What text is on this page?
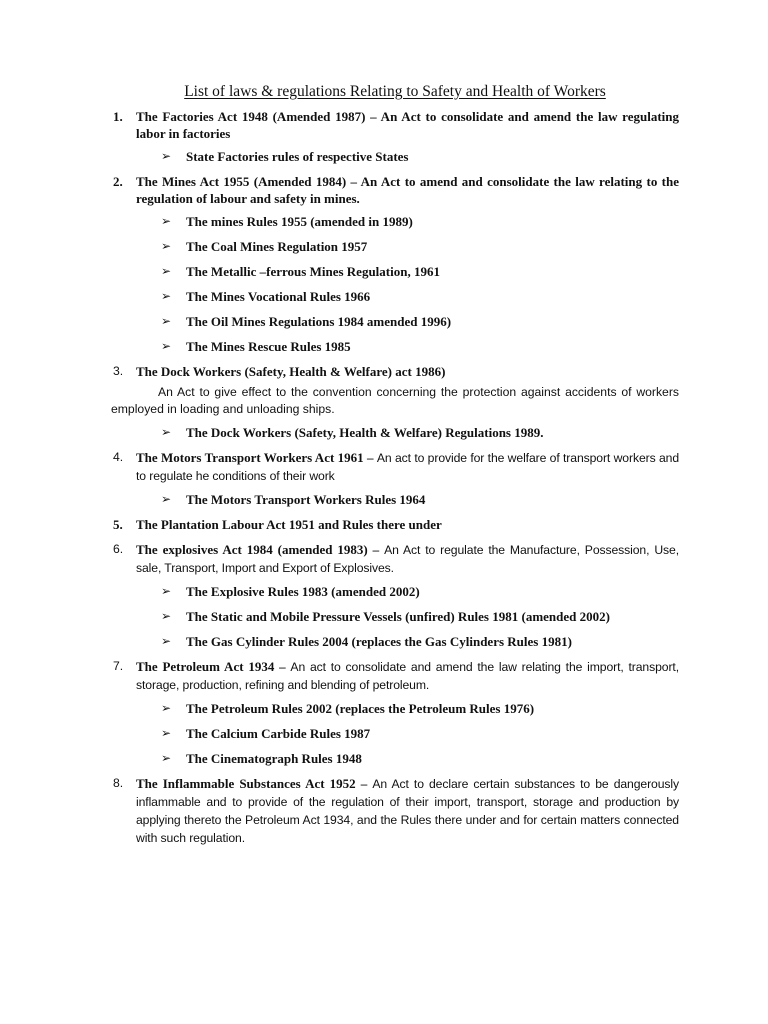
List of laws & regulations Relating to Safety and Health of Workers
1. The Factories Act 1948 (Amended 1987) – An Act to consolidate and amend the law regulating labor in factories
➢ State Factories rules of respective States
2. The Mines Act 1955 (Amended 1984) – An Act to amend and consolidate the law relating to the regulation of labour and safety in mines.
➢ The mines Rules 1955 (amended in 1989)
➢ The Coal Mines Regulation 1957
➢ The Metallic –ferrous Mines Regulation, 1961
➢ The Mines Vocational Rules 1966
➢ The Oil Mines Regulations 1984 amended 1996)
➢ The Mines Rescue Rules 1985
3. The Dock Workers (Safety, Health & Welfare) act 1986)
An Act to give effect to the convention concerning the protection against accidents of workers employed in loading and unloading ships.
➢ The Dock Workers (Safety, Health & Welfare) Regulations 1989.
4. The Motors Transport Workers Act 1961 – An act to provide for the welfare of transport workers and to regulate he conditions of their work
➢ The Motors Transport Workers Rules 1964
5. The Plantation Labour Act 1951 and Rules there under
6. The explosives Act 1984 (amended 1983) – An Act to regulate the Manufacture, Possession, Use, sale, Transport, Import and Export of Explosives.
➢ The Explosive Rules 1983 (amended 2002)
➢ The Static and Mobile Pressure Vessels (unfired) Rules 1981 (amended 2002)
➢ The Gas Cylinder Rules 2004 (replaces the Gas Cylinders Rules 1981)
7. The Petroleum Act 1934 – An act to consolidate and amend the law relating the import, transport, storage, production, refining and blending of petroleum.
➢ The Petroleum Rules 2002 (replaces the Petroleum Rules 1976)
➢ The Calcium Carbide Rules 1987
➢ The Cinematograph Rules 1948
8. The Inflammable Substances Act 1952 – An Act to declare certain substances to be dangerously inflammable and to provide of the regulation of their import, transport, storage and production by applying thereto the Petroleum Act 1934, and the Rules there under and for certain matters connected with such regulation.
